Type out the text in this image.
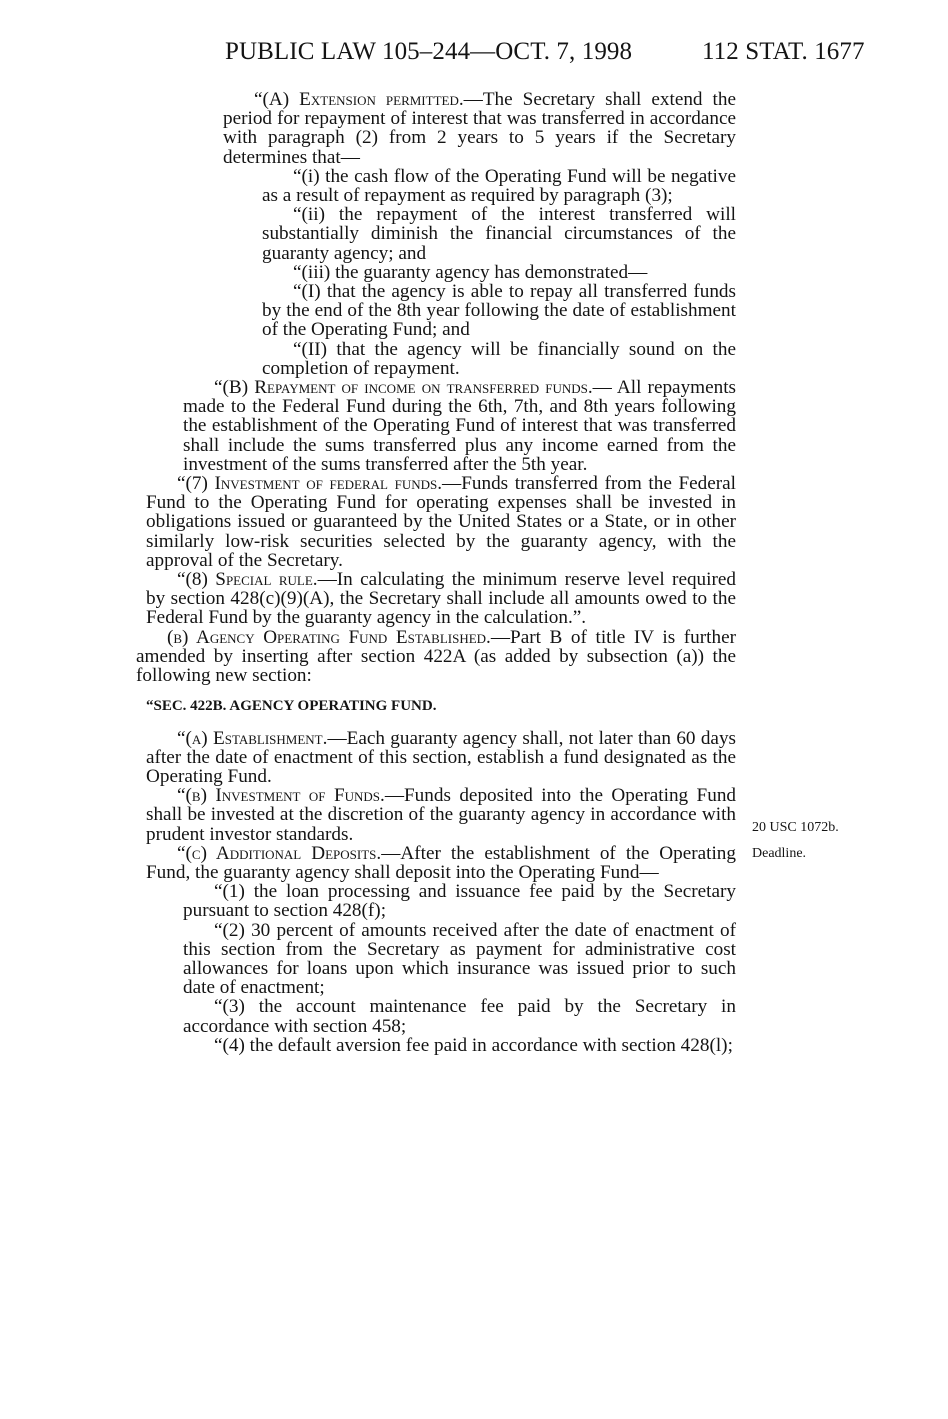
PUBLIC LAW 105–244—OCT. 7, 1998	112 STAT. 1677
20 USC 1072b.
Deadline.

“(A) Extension permitted.—The Secretary shall extend the period for repayment of interest that was transferred in accordance with paragraph (2) from 2 years to 5 years if the Secretary determines that—

“(i) the cash flow of the Operating Fund will be negative as a result of repayment as required by paragraph (3);

“(ii) the repayment of the interest transferred will substantially diminish the financial circumstances of the guaranty agency; and

“(iii) the guaranty agency has demonstrated—

“(I) that the agency is able to repay all transferred funds by the end of the 8th year following the date of establishment of the Operating Fund; and

“(II) that the agency will be financially sound on the completion of repayment.

“(B) Repayment of income on transferred funds.— All repayments made to the Federal Fund during the 6th, 7th, and 8th years following the establishment of the Operating Fund of interest that was transferred shall include the sums transferred plus any income earned from the investment of the sums transferred after the 5th year.

“(7) Investment of federal funds.—Funds transferred from the Federal Fund to the Operating Fund for operating expenses shall be invested in obligations issued or guaranteed by the United States or a State, or in other similarly low-risk securities selected by the guaranty agency, with the approval of the Secretary.

“(8) Special rule.—In calculating the minimum reserve level required by section 428(c)(9)(A), the Secretary shall include all amounts owed to the Federal Fund by the guaranty agency in the calculation.”.

(b) Agency Operating Fund Established.—Part B of title IV is further amended by inserting after section 422A (as added by subsection (a)) the following new section:

“SEC. 422B. AGENCY OPERATING FUND.

“(a) Establishment.—Each guaranty agency shall, not later than 60 days after the date of enactment of this section, establish a fund designated as the Operating Fund.

“(b) Investment of Funds.—Funds deposited into the Operating Fund shall be invested at the discretion of the guaranty agency in accordance with prudent investor standards.

“(c) Additional Deposits.—After the establishment of the Operating Fund, the guaranty agency shall deposit into the Operating Fund—

“(1) the loan processing and issuance fee paid by the Secretary pursuant to section 428(f);

“(2) 30 percent of amounts received after the date of enactment of this section from the Secretary as payment for administrative cost allowances for loans upon which insurance was issued prior to such date of enactment;

“(3) the account maintenance fee paid by the Secretary in accordance with section 458;

“(4) the default aversion fee paid in accordance with section 428(l);
